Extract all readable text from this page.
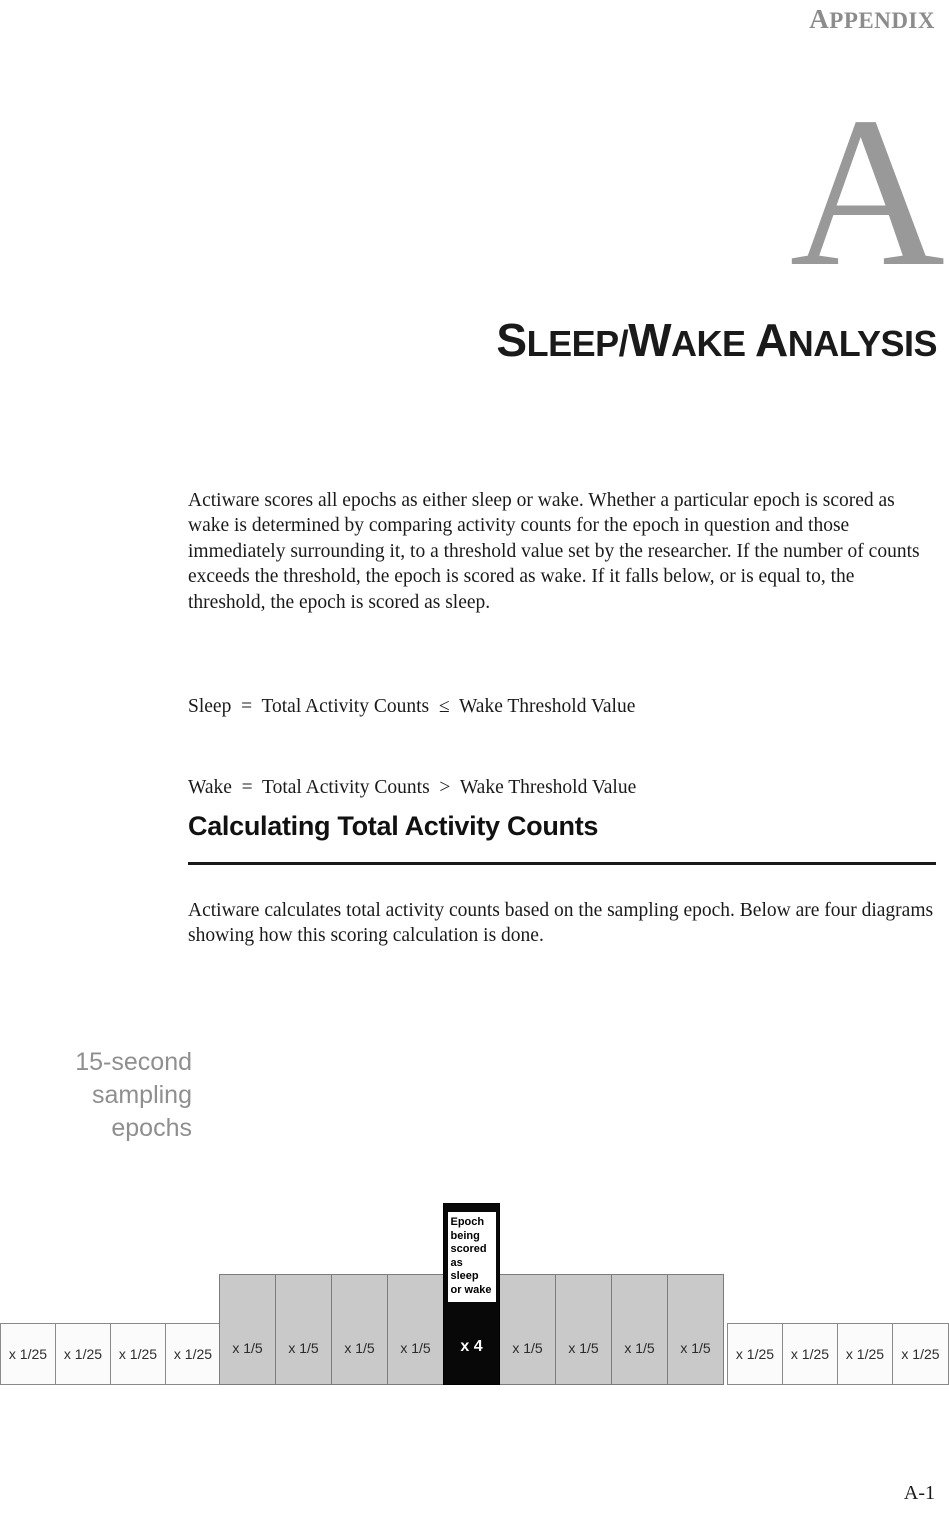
APPENDIX
A
SLEEP/WAKE ANALYSIS

Actiware scores all epochs as either sleep or wake. Whether a particular epoch is scored as wake is determined by comparing activity counts for the epoch in question and those immediately surrounding it, to a threshold value set by the researcher. If the number of counts exceeds the threshold, the epoch is scored as wake. If it falls below, or is equal to, the threshold, the epoch is scored as sleep.

Sleep  =  Total Activity Counts  ≤  Wake Threshold Value

Wake  =  Total Activity Counts  >  Wake Threshold Value

Calculating Total Activity Counts

Actiware calculates total activity counts based on the sampling epoch. Below are four diagrams showing how this scoring calculation is done.

15-second
sampling
epochs
x 1/25 x 1/25 x 1/25 x 1/25 x 1/5 x 1/5 x 1/5 x 1/5
Epoch
being
scored
as sleep
or wake
x 4 x 1/5 x 1/5 x 1/5 x 1/5 x 1/25 x 1/25 x 1/25 x 1/25
A-1
